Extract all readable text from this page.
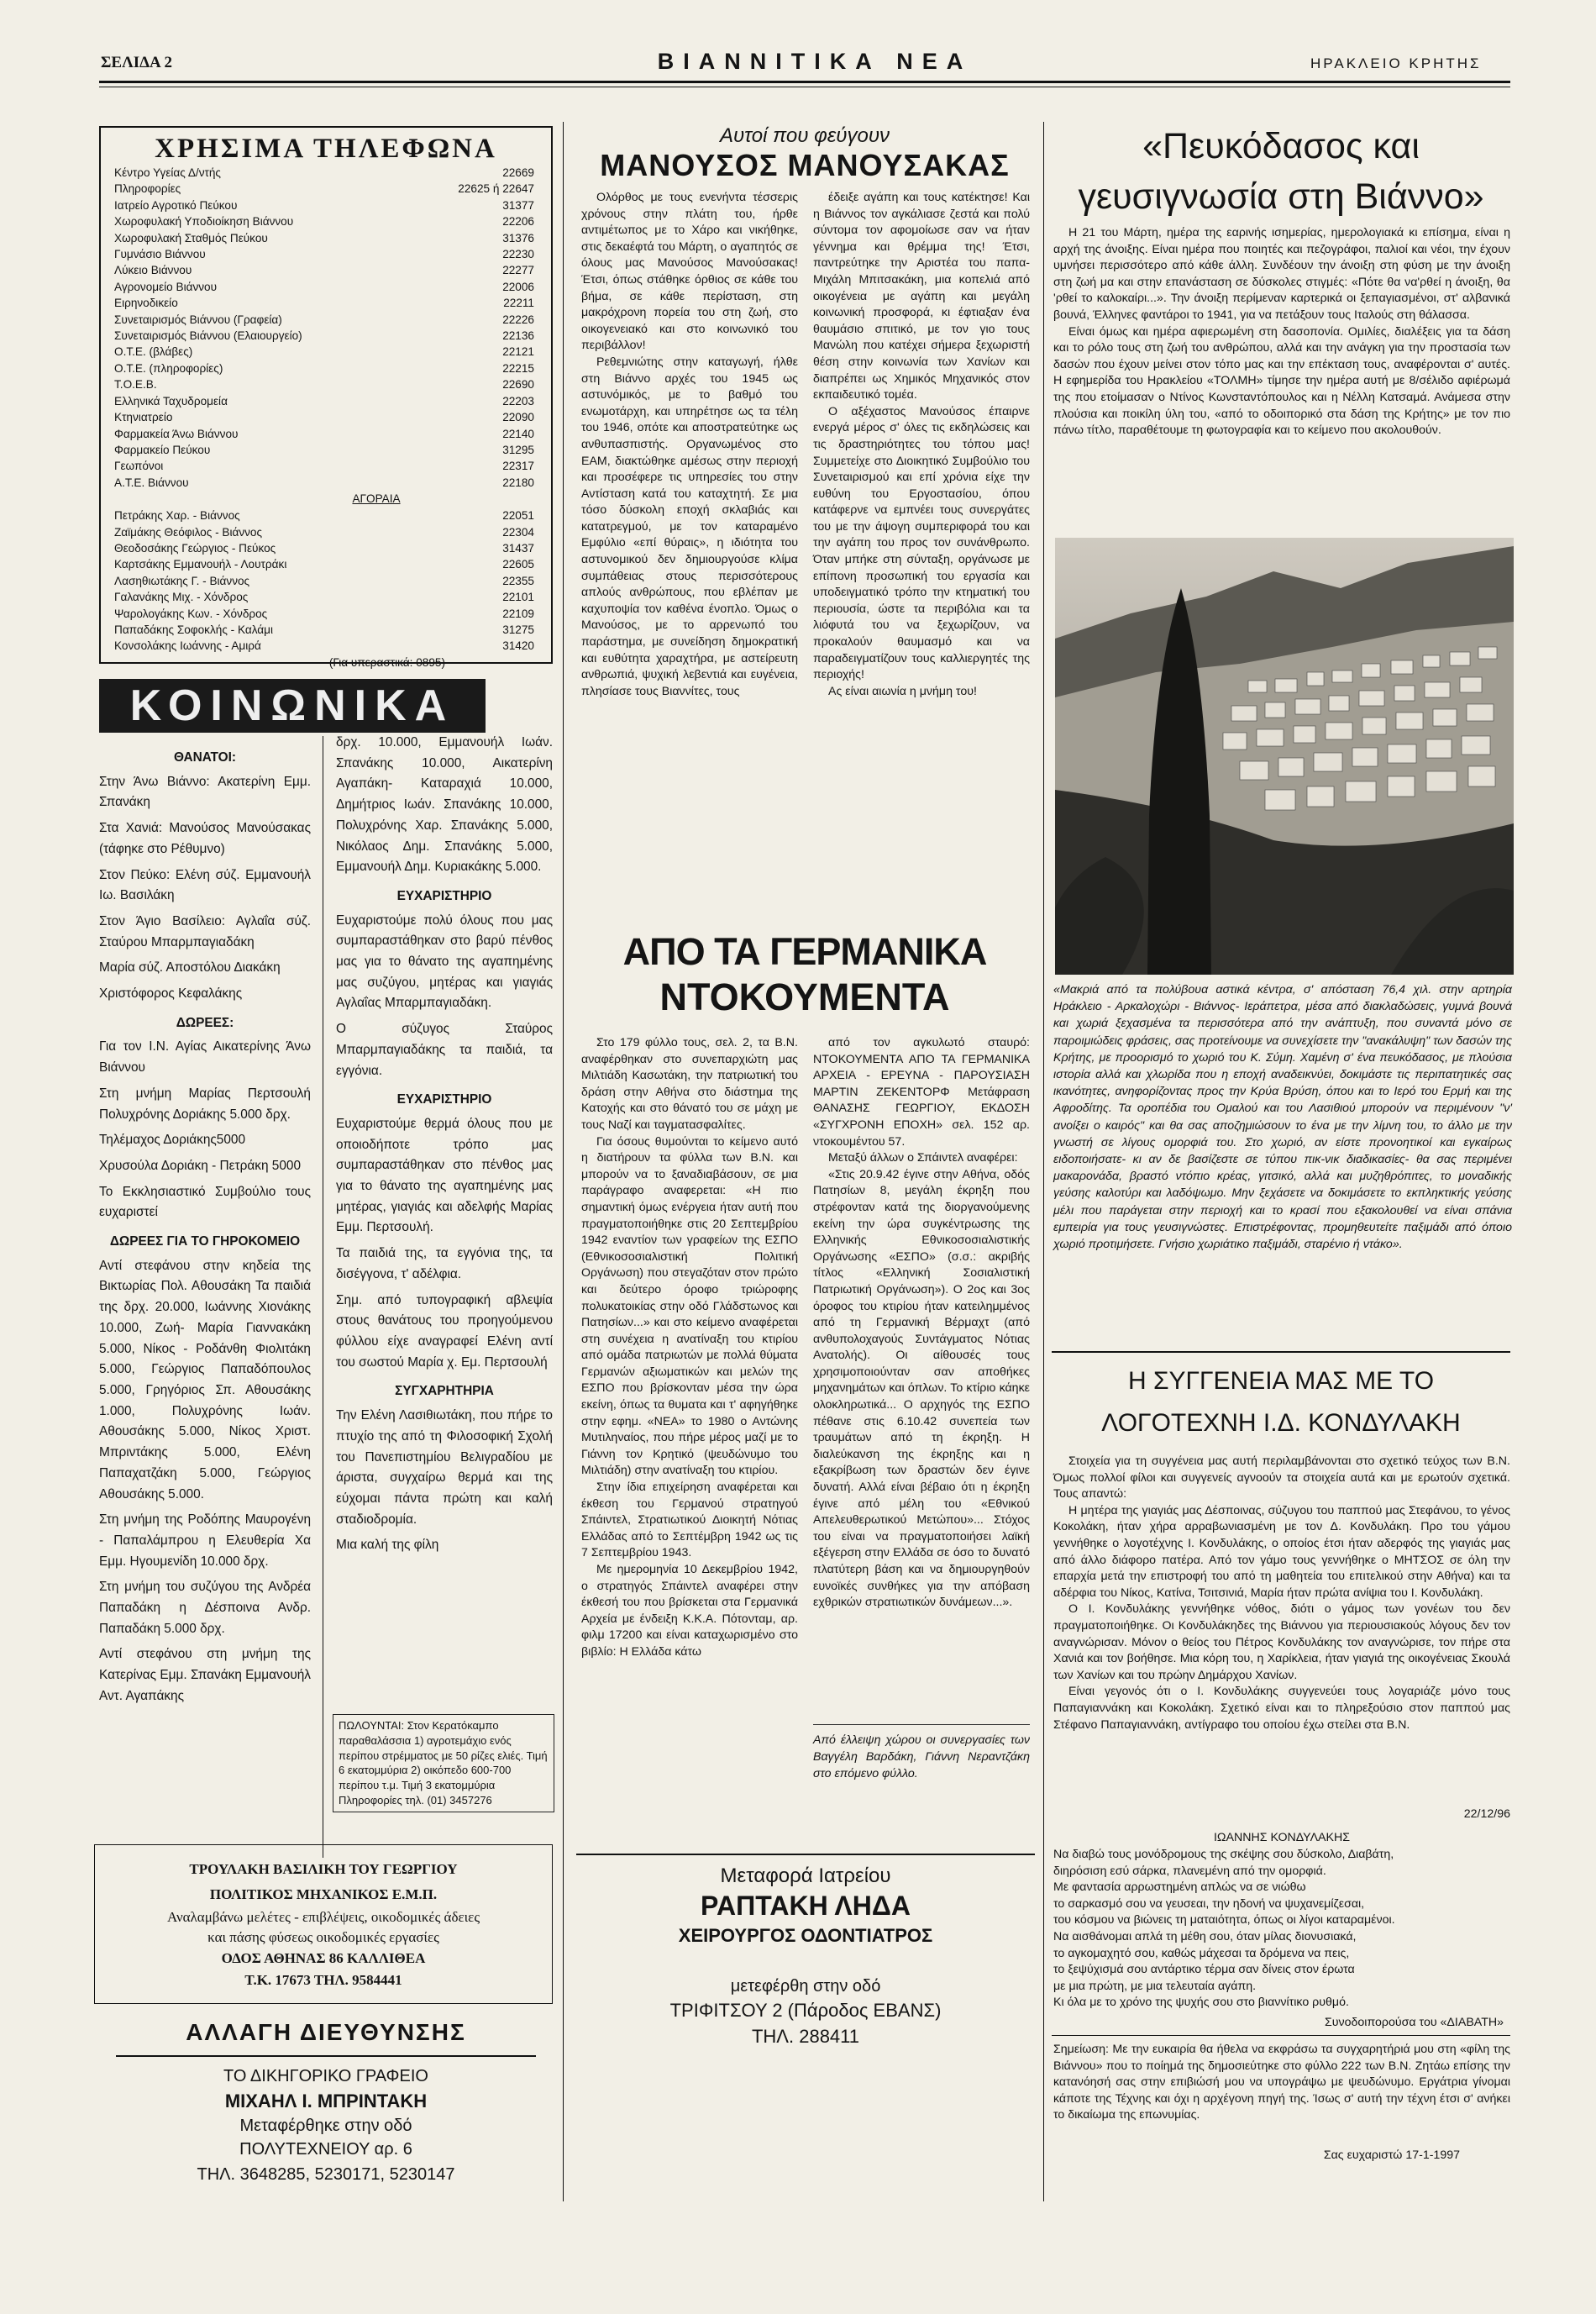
ΣΕΛΙΔΑ 2	ΒΙΑΝΝΙΤΙΚΑ ΝΕΑ	ΗΡΑΚΛΕΙΟ ΚΡΗΤΗΣ
ΧΡΗΣΙΜΑ ΤΗΛΕΦΩΝΑ
Κέντρο Υγείας Δ/ντής	22669
Πληροφορίες	22625 ή 22647
Ιατρείο Αγροτικό Πεύκου	31377
Χωροφυλακή Υποδιοίκηση Βιάννου	22206
Χωροφυλακή Σταθμός Πεύκου	31376
Γυμνάσιο Βιάννου	22230
Λύκειο Βιάννου	22277
Αγρονομείο Βιάννου	22006
Ειρηνοδικείο	22211
Συνεταιρισμός Βιάννου (Γραφεία)	22226
Συνεταιρισμός Βιάννου (Ελαιουργείο)	22136
Ο.Τ.Ε. (βλάβες)	22121
Ο.Τ.Ε. (πληροφορίες)	22215
Τ.Ο.Ε.Β.	22690
Ελληνικά Ταχυδρομεία	22203
Κτηνιατρείο	22090
Φαρμακεία Άνω Βιάννου	22140
Φαρμακείο Πεύκου	31295
Γεωπόνοι	22317
Α.Τ.Ε. Βιάννου	22180
ΑΓΟΡΑΙΑ
Πετράκης Χαρ. - Βιάννος	22051
Ζαϊμάκης Θεόφιλος - Βιάννος	22304
Θεοδοσάκης Γεώργιος - Πεύκος	31437
Καρτσάκης Εμμανουήλ - Λουτράκι	22605
Λασηθιωτάκης Γ. - Βιάννος	22355
Γαλανάκης Μιχ. - Χόνδρος	22101
Ψαρολογάκης Κων. - Χόνδρος	22109
Παπαδάκης Σοφοκλής - Καλάμι	31275
Κονσολάκης Ιωάννης - Αμιρά	31420
(Για υπεραστικά: 0895)
ΚΟΙΝΩΝΙΚΑ
ΘΑΝΑΤΟΙ:
Στην Άνω Βιάννο: Ακατερίνη Εμμ. Σπανάκη
Στα Χανιά: Μανούσος Μανούσακας (τάφηκε στο Ρέθυμνο)
Στον Πεύκο: Ελένη σύζ. Εμμανουήλ Ιω. Βασιλάκη
Στον Άγιο Βασίλειο: Αγλαΐα σύζ. Σταύρου Μπαρμπαγιαδάκη
Μαρία σύζ. Αποστόλου Διακάκη
Χριστόφορος Κεφαλάκης
ΔΩΡΕΕΣ:
Για τον Ι.Ν. Αγίας Αικατερίνης Άνω Βιάννου
Στη μνήμη Μαρίας Περτσουλή Πολυχρόνης Δοριάκης 5.000 δρχ.
Τηλέμαχος Δοριάκης5000
Χρυσούλα Δοριάκη - Πετράκη 5000
Το Εκκλησιαστικό Συμβούλιο τους ευχαριστεί
ΔΩΡΕΕΣ ΓΙΑ ΤΟ ΓΗΡΟΚΟΜΕΙΟ
Αντί στεφάνου στην κηδεία της Βικτωρίας Πολ. Αθουσάκη Τα παιδιά της δρχ. 20.000, Ιωάννης Χιονάκης 10.000, Ζωή- Μαρία Γιαννακάκη 5.000, Νίκος - Ροδάνθη Φιολιτάκη 5.000, Γεώργιος Παπαδόπουλος 5.000, Γρηγόριος Σπ. Αθουσάκης 1.000, Πολυχρόνης Ιωάν. Αθουσάκης 5.000, Νίκος Χριστ. Μπριντάκης 5.000, Ελένη Παπαχατζάκη 5.000, Γεώργιος Αθουσάκης 5.000.
Στη μνήμη της Ροδόπης Μαυρογένη - Παπαλάμπρου η Ελευθερία Χα Εμμ. Ηγουμενίδη 10.000 δρχ.
Στη μνήμη του συζύγου της Ανδρέα Παπαδάκη η Δέσποινα Ανδρ. Παπαδάκη 5.000 δρχ.
Αντί στεφάνου στη μνήμη της Κατερίνας Εμμ. Σπανάκη Εμμανουήλ Αντ. Αγαπάκης
δρχ. 10.000, Εμμανουήλ Ιωάν. Σπανάκης 10.000, Αικατερίνη Αγαπάκη- Καταραχιά 10.000, Δημήτριος Ιωάν. Σπανάκης 10.000, Πολυχρόνης Χαρ. Σπανάκης 5.000, Νικόλαος Δημ. Σπανάκης 5.000, Εμμανουήλ Δημ. Κυριακάκης 5.000.
ΕΥΧΑΡΙΣΤΗΡΙΟ
Ευχαριστούμε πολύ όλους που μας συμπαραστάθηκαν στο βαρύ πένθος μας για το θάνατο της αγαπημένης μας συζύγου, μητέρας και γιαγιάς Αγλαΐας Μπαρμπαγιαδάκη.
Ο σύζυγος Σταύρος Μπαρμπαγιαδάκης τα παιδιά, τα εγγόνια.
ΕΥΧΑΡΙΣΤΗΡΙΟ
Ευχαριστούμε θερμά όλους που με οποιοδήποτε τρόπο μας συμπαραστάθηκαν στο πένθος μας για το θάνατο της αγαπημένης μας μητέρας, γιαγιάς και αδελφής Μαρίας Εμμ. Περτσουλή.
Τα παιδιά της, τα εγγόνια της, τα δισέγγονα, τ' αδέλφια.
Σημ. από τυπογραφική αβλεψία στους θανάτους του προηγούμενου φύλλου είχε αναγραφεί Ελένη αντί του σωστού Μαρία χ. Εμ. Περτσουλή
ΣΥΓΧΑΡΗΤΗΡΙΑ
Την Ελένη Λασιθιωτάκη, που πήρε το πτυχίο της από τη Φιλοσοφική Σχολή του Πανεπιστημίου Βελιγραδίου με άριστα, συγχαίρω θερμά και της εύχομαι πάντα πρώτη και καλή σταδιοδρομία.
Μια καλή της φίλη
ΠΩΛΟΥΝΤΑΙ: Στον Κερατόκαμπο παραθαλάσσια 1) αγροτεμάχιο ενός περίπου στρέμματος με 50 ρίζες ελιές. Τιμή 6 εκατομμύρια 2) οικόπεδο 600-700 περίπου τ.μ. Τιμή 3 εκατομμύρια Πληροφορίες τηλ. (01) 3457276
ΤΡΟΥΛΑΚΗ ΒΑΣΙΛΙΚΗ ΤΟΥ ΓΕΩΡΓΙΟΥ
ΠΟΛΙΤΙΚΟΣ ΜΗΧΑΝΙΚΟΣ Ε.Μ.Π.
Αναλαμβάνω μελέτες - επιβλέψεις, οικοδομικές άδειες
και πάσης φύσεως οικοδομικές εργασίες
ΟΔΟΣ ΑΘΗΝΑΣ 86 ΚΑΛΛΙΘΕΑ
Τ.Κ. 17673 ΤΗΛ. 9584441
ΑΛΛΑΓΗ ΔΙΕΥΘΥΝΣΗΣ
ΤΟ ΔΙΚΗΓΟΡΙΚΟ ΓΡΑΦΕΙΟ
ΜΙΧΑΗΛ Ι. ΜΠΡΙΝΤΑΚΗ
Μεταφέρθηκε στην οδό
ΠΟΛΥΤΕΧΝΕΙΟΥ αρ. 6
ΤΗΛ. 3648285, 5230171, 5230147
Αυτοί που φεύγουν
ΜΑΝΟΥΣΟΣ ΜΑΝΟΥΣΑΚΑΣ
Ολόρθος με τους ενενήντα τέσσερις χρόνους στην πλάτη του, ήρθε αντιμέτωπος με το Χάρο και νικήθηκε, στις δεκαέφτά του Μάρτη, ο αγαπητός σε όλους μας Μανούσος Μανούσακας! Έτσι, όπως στάθηκε όρθιος σε κάθε του βήμα, σε κάθε περίσταση, στη μακρόχρονη πορεία του στη ζωή, στο οικογενειακό και στο κοινωνικό του περιβάλλον!
Ρεθεμνιώτης στην καταγωγή, ήλθε στη Βιάννο αρχές του 1945 ως αστυνόμικός, με το βαθμό του ενωμοτάρχη, και υπηρέτησε ως τα τέλη του 1946, οπότε και αποστρατεύτηκε ως ανθυπασπιστής. Οργανωμένος στο ΕΑΜ, διακτώθηκε αμέσως στην περιοχή και προσέφερε τις υπηρεσίες του στην Αντίσταση κατά του καταχτητή. Σε μια τόσο δύσκολη εποχή σκλαβιάς και κατατρεγμού, με τον καταραμένο Εμφύλιο «επί θύραις», η ιδιότητα του αστυνομικού δεν δημιουργούσε κλίμα συμπάθειας στους περισσότερους απλούς ανθρώπους, που εβλέπαν με καχυποψία τον καθένα ένοπλο. Όμως ο Μανούσος, με το αρρενωπό του παράστημα, με συνείδηση δημοκρατική και ευθύτητα χαραχτήρα, με αστείρευτη ανθρωπιά, ψυχική λεβεντιά και ευγένεια, πλησίασε τους Βιαννίτες, τους
έδειξε αγάπη και τους κατέκτησε! Και η Βιάννος τον αγκάλιασε ζεστά και πολύ σύντομα τον αφομοίωσε σαν να ήταν γέννημα και θρέμμα της! Έτσι, παντρεύτηκε την Αριστέα του παπα- Μιχάλη Μπιτσακάκη, μια κοπελιά από οικογένεια με αγάπη και μεγάλη κοινωνική προσφορά, κι έφτιαξαν ένα θαυμάσιο σπιτικό, με τον γιο τους Μανώλη που κατέχει σήμερα ξεχωριστή θέση στην κοινωνία των Χανίων και διαπρέπει ως Χημικός Μηχανικός στον εκπαιδευτικό τομέα.
Ο αξέχαστος Μανούσος έπαιρνε ενεργά μέρος σ' όλες τις εκδηλώσεις και τις δραστηριότητες του τόπου μας! Συμμετείχε στο Διοικητικό Συμβούλιο του Συνεταιρισμού και επί χρόνια είχε την ευθύνη του Εργοστασίου, όπου κατάφερνε να εμπνέει τους συνεργάτες του με την άψογη συμπεριφορά του και την αγάπη του προς τον συνάνθρωπο. Όταν μπήκε στη σύνταξη, οργάνωσε με επίπονη προσωπική του εργασία και υποδειγματικό τρόπο την κτηματική του περιουσία, ώστε τα περιβόλια και τα λιόφυτά του να ξεχωρίζουν, να προκαλούν θαυμασμό και να παραδειγματίζουν τους καλλιεργητές της περιοχής!
Ας είναι αιωνία η μνήμη του!
ΑΠΟ ΤΑ ΓΕΡΜΑΝΙΚΑ
ΝΤΟΚΟΥΜΕΝΤΑ
Στο 179 φύλλο τους, σελ. 2, τα Β.Ν. αναφέρθηκαν στο συνεπαρχιώτη μας Μιλτιάδη Κασωτάκη, την πατριωτική του δράση στην Αθήνα στο διάστημα της Κατοχής και στο θάνατό του σε μάχη με τους Ναζί και ταγματασφαλίτες.
Για όσους θυμούνται το κείμενο αυτό η διατήρουν τα φύλλα των Β.Ν. και μπορούν να το ξαναδιαβάσουν, σε μια παράγραφο αναφερεται: «Η πιο σημαντική όμως ενέργεια ήταν αυτή που πραγματοποιήθηκε στις 20 Σεπτεμβρίου 1942 εναντίον των γραφείων της ΕΣΠΟ (Εθνικοσοσιαλιστική Πολιτική Οργάνωση) που στεγαζόταν στον πρώτο και δεύτερο όροφο τριώροφης πολυκατοικίας στην οδό Γλάδστωνος και Πατησίων...» και στο κείμενο αναφέρεται στη συνέχεια η ανατίναξη του κτιρίου από ομάδα πατριωτών με πολλά θύματα Γερμανών αξιωματικών και μελών της ΕΣΠΟ που βρίσκονταν μέσα την ώρα εκείνη, όπως τα θυματα και τ' αφηγήθηκε στην εφημ. «ΝΕΑ» το 1980 ο Αντώνης Μυτιληναίος, που πήρε μέρος μαζί με το Γιάννη τον Κρητικό (ψευδώνυμο του Μιλτιάδη) στην ανατίναξη του κτιρίου.
Στην ίδια επιχείρηση αναφέρεται και έκθεση του Γερμανού στρατηγού Σπάιντελ, Στρατιωτικού Διοικητή Νότιας Ελλάδας από το Σεπτέμβρη 1942 ως τις 7 Σεπτεμβρίου 1943.
Με ημερομηνία 10 Δεκεμβρίου 1942, ο στρατηγός Σπάιντελ αναφέρει στην έκθεσή του που βρίσκεται στα Γερμανικά Αρχεία με ένδειξη Κ.Κ.Α. Πότονταμ, αρ. φιλμ 17200 και είναι καταχωρισμένο στο βιβλίο: Η Ελλάδα κάτω
από τον αγκυλωτό σταυρό: ΝΤΟΚΟΥΜΕΝΤΑ ΑΠΟ ΤΑ ΓΕΡΜΑΝΙΚΑ ΑΡΧΕΙΑ - ΕΡΕΥΝΑ - ΠΑΡΟΥΣΙΑΣΗ ΜΑΡΤΙΝ ΖΕΚΕΝΤΟΡΦ Μετάφραση ΘΑΝΑΣΗΣ ΓΕΩΡΓΙΟΥ, ΕΚΔΟΣΗ «ΣΥΓΧΡΟΝΗ ΕΠΟΧΗ» σελ. 152 αρ. ντοκουμέντου 57.
Μεταξύ άλλων ο Σπάιντελ αναφέρει:
«Στις 20.9.42 έγινε στην Αθήνα, οδός Πατησίων 8, μεγάλη έκρηξη που στρέφονταν κατά της διοργανούμενης εκείνη την ώρα συγκέντρωσης της Ελληνικής Εθνικοσοσιαλιστικής Οργάνωσης «ΕΣΠΟ» (σ.σ.: ακριβής τίτλος «Ελληνική Σοσιαλιστική Πατριωτική Οργάνωση»). Ο 2ος και 3ος όροφος του κτιρίου ήταν κατειλημμένος από τη Γερμανική Βέρμαχτ (από ανθυπολοχαγούς Συντάγματος Νότιας Ανατολής). Οι αίθουσές τους χρησιμοποιούνταν σαν αποθήκες μηχανημάτων και όπλων. Το κτίριο κάηκε ολοκληρωτικά... Ο αρχηγός της ΕΣΠΟ πέθανε στις 6.10.42 συνεπεία των τραυμάτων από τη έκρηξη. Η διαλεύκανση της έκρηξης και η εξακρίβωση των δραστών δεν έγινε δυνατή. Αλλά είναι βέβαιο ότι η έκρηξη έγινε από μέλη του «Εθνικού Απελευθερωτικού Μετώπου»... Στόχος του είναι να πραγματοποιήσει λαϊκή εξέγερση στην Ελλάδα σε όσο το δυνατό πλατύτερη βάση και να δημιουργηθούν ευνοϊκές συνθήκες για την απόβαση εχθρικών στρατιωτικών δυνάμεων...».
Από έλλειψη χώρου οι συνεργασίες των Βαγγέλη Βαρδάκη, Γιάννη Νεραντζάκη στο επόμενο φύλλο.
Μεταφορά Ιατρείου
ΡΑΠΤΑΚΗ ΛΗΔΑ
ΧΕΙΡΟΥΡΓΟΣ ΟΔΟΝΤΙΑΤΡΟΣ
μετεφέρθη στην οδό
ΤΡΙΦΙΤΣΟΥ 2 (Πάροδος ΕΒΑΝΣ)
ΤΗΛ. 288411
«Πευκόδασος και
γευσιγνωσία στη Βιάννο»
Η 21 του Μάρτη, ημέρα της εαρινής ισημερίας, ημερολογιακά κι επίσημα, είναι η αρχή της άνοιξης. Είναι ημέρα που ποιητές και πεζογράφοι, παλιοί και νέοι, την έχουν υμνήσει περισσότερο από κάθε άλλη. Συνδέουν την άνοιξη στη φύση με την άνοιξη στη ζωή μα και στην επανάσταση σε δύσκολες στιγμές: «Πότε θα να'ρθεί η άνοιξη, θα 'ρθεί το καλοκαίρι...». Την άνοιξη περίμεναν καρτερικά οι ξεπαγιασμένοι, στ' αλβανικά βουνά, Έλληνες φαντάροι το 1941, για να πετάξουν τους Ιταλούς στη θάλασσα.
Είναι όμως και ημέρα αφιερωμένη στη δασοπονία. Ομιλίες, διαλέξεις για τα δάση και το ρόλο τους στη ζωή του ανθρώπου, αλλά και την ανάγκη για την προστασία των δασών που έχουν μείνει στον τόπο μας και την επέκταση τους, αναφέρονται σ' αυτές. Η εφημερίδα του Ηρακλείου «ΤΟΛΜΗ» τίμησε την ημέρα αυτή με 8/σέλιδο αφιέρωμά της που ετοίμασαν ο Ντίνος Κωνσταντόπουλος και η Νέλλη Κατσαμά. Ανάμεσα στην πλούσια και ποικίλη ύλη του, «από το οδοιπορικό στα δάση της Κρήτης» με τον πιο πάνω τίτλο, παραθέτουμε τη φωτογραφία και το κείμενο που ακολουθούν.
«Μακριά από τα πολύβουα αστικά κέντρα, σ' απόσταση 76,4 χιλ. στην αρτηρία Ηράκλειο - Αρκαλοχώρι - Βιάννος- Ιεράπετρα, μέσα από διακλαδώσεις, γυμνά βουνά και χωριά ξεχασμένα τα περισσότερα από την ανάπτυξη, που συναντά μόνο σε παροιμιώδεις φράσεις, σας προτείνουμε να συνεχίσετε την "ανακάλυψη" των δασών της Κρήτης, με προορισμό το χωριό του Κ. Σύμη. Χαμένη σ' ένα πευκόδασος, με πλούσια ιστορία αλλά και χλωρίδα που η εποχή αναδεικνύει, δοκιμάστε τις περιπατητικές σας ικανότητες, ανηφορίζοντας προς την Κρύα Βρύση, όπου και το Ιερό του Ερμή και της Αφροδίτης. Τα οροπέδια του Ομαλού και του Λασιθιού μπορούν να περιμένουν "ν' ανοίξει ο καιρός" και θα σας αποζημιώσουν το ένα με την λίμνη του, το άλλο με την γνωστή σε λίγους ομορφιά του. Στο χωριό, αν είστε προνοητικοί και εγκαίρως ειδοποιήσατε- κι αν δε βασίζεστε σε τύπου πικ-νικ διαδικασίες- θα σας περιμένει μακαρονάδα, βραστό ντόπιο κρέας, γιτσικό, αλλά και μυζηθρόπιτες, το μοναδικής γεύσης καλοτύρι και λαδόψωμο. Μην ξεχάσετε να δοκιμάσετε το εκπληκτικής γεύσης μέλι που παράγεται στην περιοχή και το κρασί που εξακολουθεί να είναι σπάνια εμπειρία για τους γευσιγνώστες. Επιστρέφοντας, προμηθευτείτε παξιμάδι από όποιο χωριό προτιμήσετε. Γνήσιο χωριάτικο παξιμάδι, σταρένιο ή ντάκο».
Η ΣΥΓΓΕΝΕΙΑ ΜΑΣ ΜΕ ΤΟ
ΛΟΓΟΤΕΧΝΗ Ι.Δ. ΚΟΝΔΥΛΑΚΗ
Στοιχεία για τη συγγένεια μας αυτή περιλαμβάνονται στο σχετικό τεύχος των Β.Ν. Όμως πολλοί φίλοι και συγγενείς αγνοούν τα στοιχεία αυτά και με ερωτούν σχετικά. Τους απαντώ:
Η μητέρα της γιαγιάς μας Δέσποινας, σύζυγου του παππού μας Στεφάνου, το γένος Κοκολάκη, ήταν χήρα αρραβωνιασμένη με τον Δ. Κονδυλάκη. Προ του γάμου γεννήθηκε ο λογοτέχνης Ι. Κονδυλάκης, ο οποίος έτσι ήταν αδερφός της γιαγιάς μας από άλλο διάφορο πατέρα. Από τον γάμο τους γεννήθηκε ο ΜΗΤΣΟΣ σε όλη την επαρχία μετά την επιστροφή του από τη μαθητεία του επιτελικού στην Αθήνα) και τα αδέρφια του Νίκος, Κατίνα, Τσιτσινιά, Μαρία ήταν πρώτα ανίψια του Ι. Κονδυλάκη.
Ο Ι. Κονδυλάκης γεννήθηκε νόθος, διότι ο γάμος των γονέων του δεν πραγματοποιήθηκε. Οι Κονδυλάκηδες της Βιάννου για περιουσιακούς λόγους δεν τον αναγνώρισαν. Μόνον ο θείος του Πέτρος Κονδυλάκης τον αναγνώρισε, τον πήρε στα Χανιά και τον βοήθησε. Μια κόρη του, η Χαρίκλεια, ήταν γιαγιά της οικογένειας Σκουλά των Χανίων και του πρώην Δημάρχου Χανίων.
Είναι γεγονός ότι ο Ι. Κονδυλάκης συγγενεύει τους λογαριάζε μόνο τους Παπαγιαννάκη και Κοκολάκη. Σχετικό είναι και το πληρεξούσιο στον παππού μας Στέφανο Παπαγιαννάκη, αντίγραφο του οποίου έχω στείλει στα Β.Ν.
22/12/96
ΙΩΑΝΝΗΣ ΚΟΝΔΥΛΑΚΗΣ
Να διαβώ τους μονόδρομους της σκέψης σου δύσκολο, Διαβάτη,
διηρόσιση εσύ σάρκα, πλανεμένη από την ομορφιά.
Με φαντασία αρρωστημένη απλώς να σε νιώθω
το σαρκασμό σου να γευσεαι, την ηδονή να ψυχανεμίζεσαι,
του κόσμου να βιώνεις τη ματαιότητα, όπως οι λίγοι καταραμένοι.
Να αισθάνομαι απλά τη μέθη σου, όταν μίλας διονυσιακά,
το αγκομαχητό σου, καθώς μάχεσαι τα δρόμενα να πεις,
το ξεψύχισμά σου αντάρτικο τέρμα σαν δίνεις στον έρωτα
με μια πρώτη, με μια τελευταία αγάπη.
Κι όλα με το χρόνο της ψυχής σου στο βιαννίτικο ρυθμό.
Συνοδοιπορούσα του «ΔΙΑΒΑΤΗ»
Σημείωση: Με την ευκαιρία θα ήθελα να εκφράσω τα συγχαρητήριά μου στη «φίλη της Βιάννου» που το ποίημά της δημοσιεύτηκε στο φύλλο 222 των Β.Ν. Ζητάω επίσης την κατανόησή σας στην επιβιώσή μου να υπογράψω με ψευδώνυμο. Εργάτρια γίνομαι κάποτε της Τέχνης και όχι η αρχέγονη πηγή της. Ίσως σ' αυτή την τέχνη έτσι σ' ανήκει το δικαίωμα της επωνυμίας.
Σας ευχαριστώ 17-1-1997
